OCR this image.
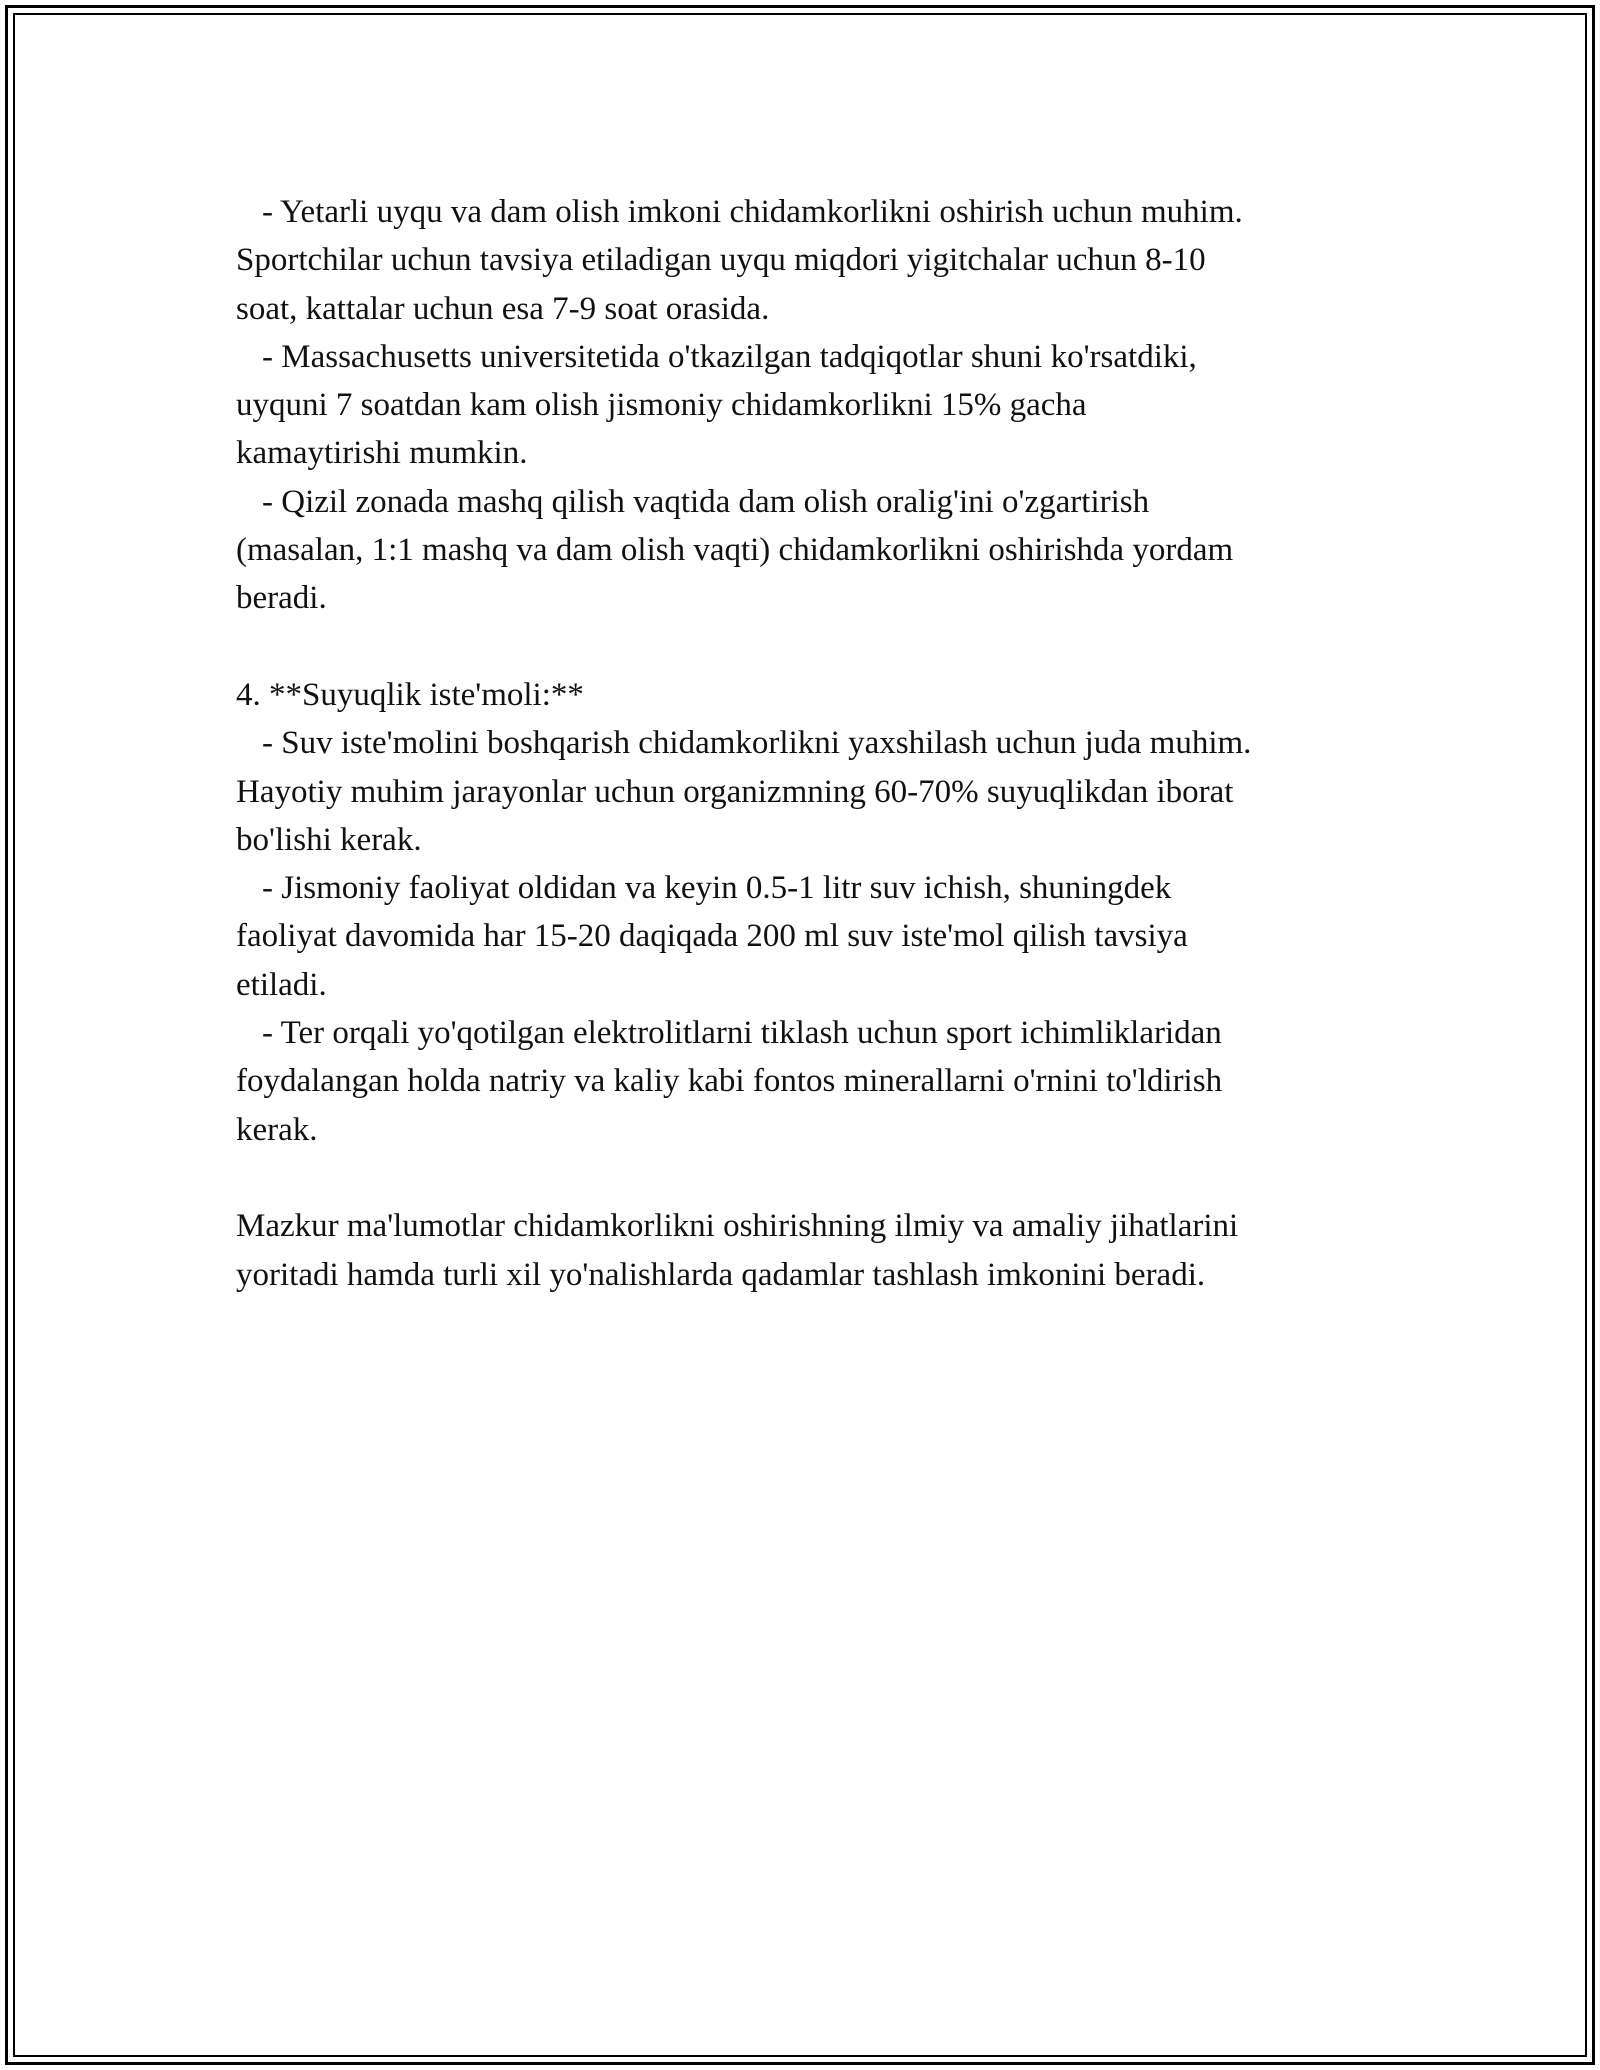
- Yetarli uyqu va dam olish imkoni chidamkorlikni oshirish uchun muhim.

Sportchilar uchun tavsiya etiladigan uyqu miqdori yigitchalar uchun 8-10

soat, kattalar uchun esa 7-9 soat orasida.

- Massachusetts universitetida o'tkazilgan tadqiqotlar shuni ko'rsatdiki,

uyquni 7 soatdan kam olish jismoniy chidamkorlikni 15% gacha

kamaytirishi mumkin.

- Qizil zonada mashq qilish vaqtida dam olish oralig'ini o'zgartirish

(masalan, 1:1 mashq va dam olish vaqti) chidamkorlikni oshirishda yordam

beradi.

4. **Suyuqlik iste'moli:**

- Suv iste'molini boshqarish chidamkorlikni yaxshilash uchun juda muhim.

Hayotiy muhim jarayonlar uchun organizmning 60-70% suyuqlikdan iborat

bo'lishi kerak.

- Jismoniy faoliyat oldidan va keyin 0.5-1 litr suv ichish, shuningdek

faoliyat davomida har 15-20 daqiqada 200 ml suv iste'mol qilish tavsiya

etiladi.

- Ter orqali yo'qotilgan elektrolitlarni tiklash uchun sport ichimliklaridan

foydalangan holda natriy va kaliy kabi fontos minerallarni o'rnini to'ldirish

kerak.

Mazkur ma'lumotlar chidamkorlikni oshirishning ilmiy va amaliy jihatlarini

yoritadi hamda turli xil yo'nalishlarda qadamlar tashlash imkonini beradi.
